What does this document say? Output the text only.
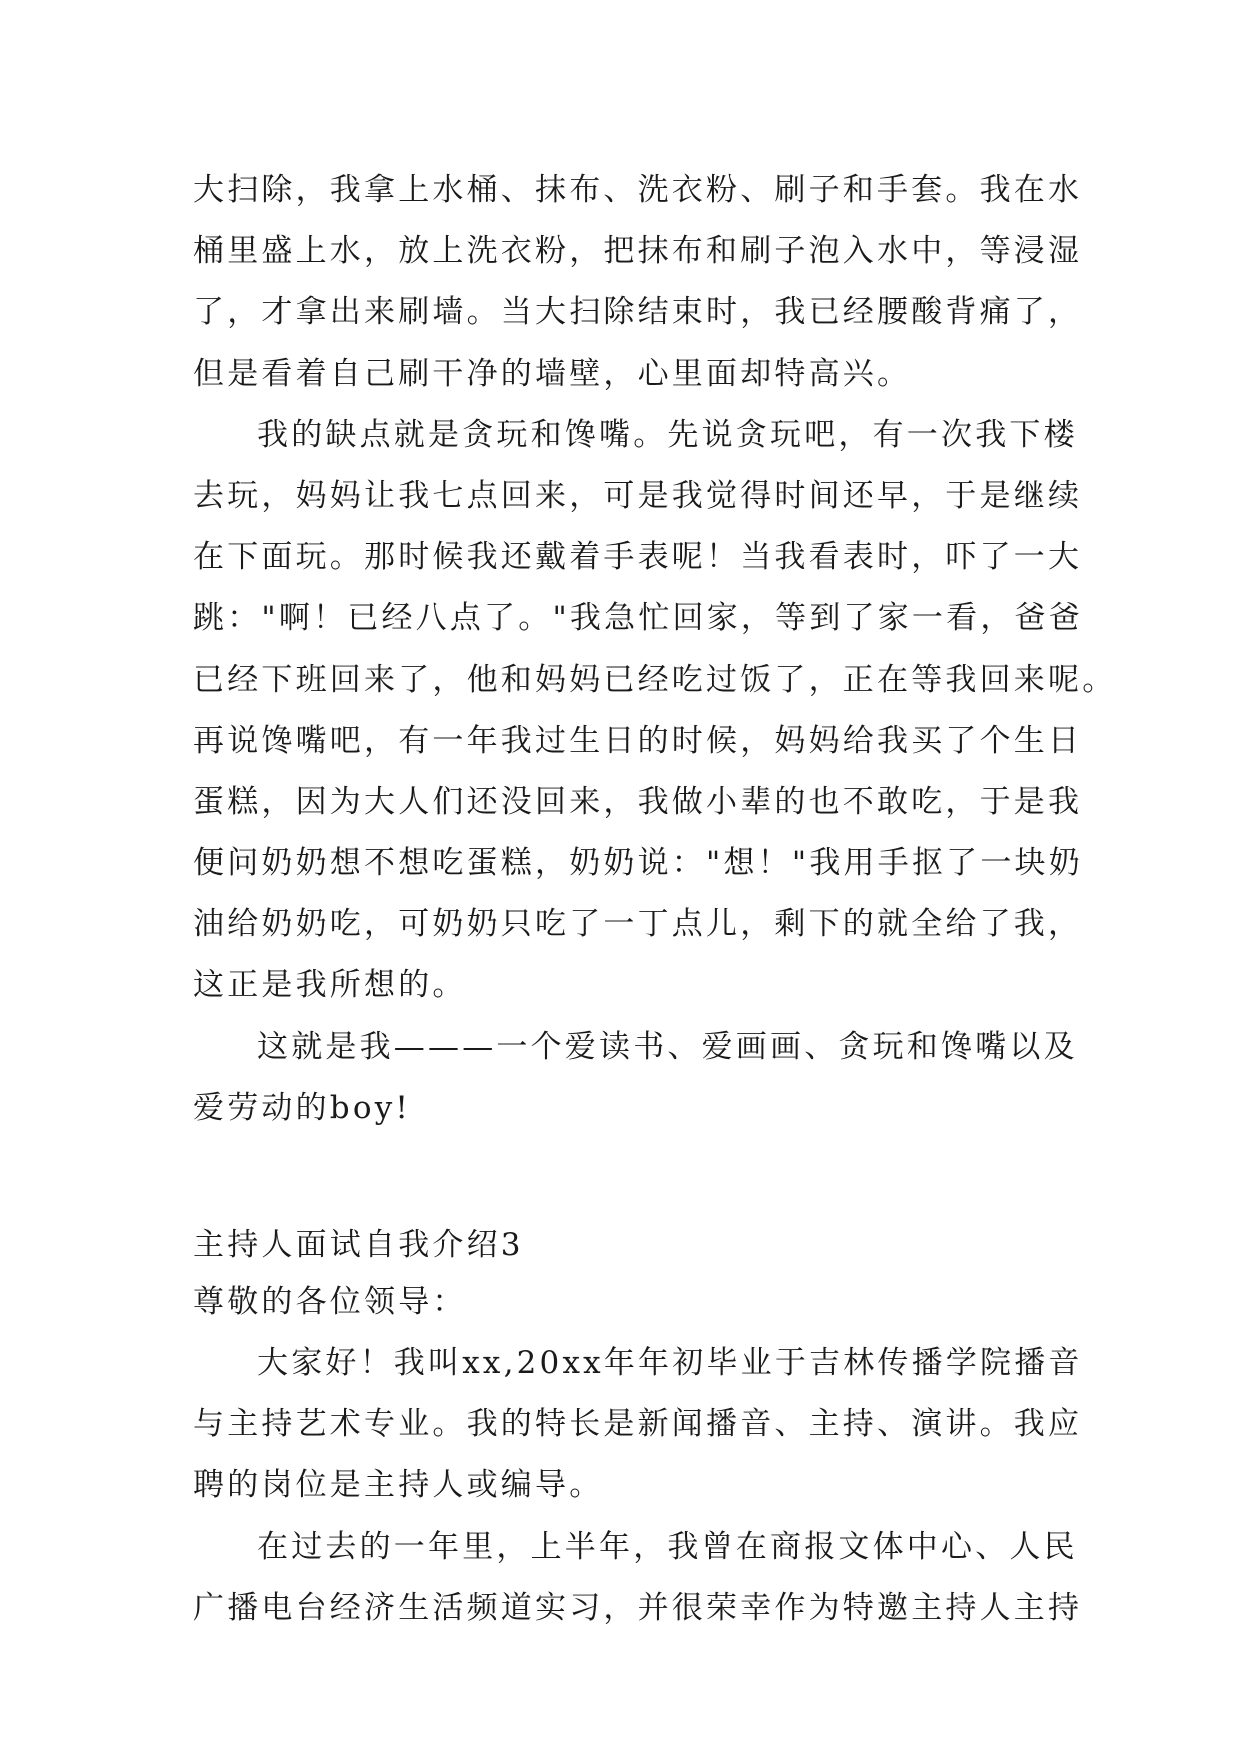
大扫除，我拿上水桶、抹布、洗衣粉、刷子和手套。我在水
桶里盛上水，放上洗衣粉，把抹布和刷子泡入水中，等浸湿
了，才拿出来刷墙。当大扫除结束时，我已经腰酸背痛了，
但是看着自己刷干净的墙壁，心里面却特高兴。
我的缺点就是贪玩和馋嘴。先说贪玩吧，有一次我下楼
去玩，妈妈让我七点回来，可是我觉得时间还早，于是继续
在下面玩。那时候我还戴着手表呢！当我看表时，吓了一大
跳："啊！已经八点了。"我急忙回家，等到了家一看，爸爸
已经下班回来了，他和妈妈已经吃过饭了，正在等我回来呢。
再说馋嘴吧，有一年我过生日的时候，妈妈给我买了个生日
蛋糕，因为大人们还没回来，我做小辈的也不敢吃，于是我
便问奶奶想不想吃蛋糕，奶奶说："想！"我用手抠了一块奶
油给奶奶吃，可奶奶只吃了一丁点儿，剩下的就全给了我，
这正是我所想的。
这就是我———一个爱读书、爱画画、贪玩和馋嘴以及
爱劳动的boy!
主持人面试自我介绍3
尊敬的各位领导：
大家好！我叫xx,20xx年年初毕业于吉林传播学院播音
与主持艺术专业。我的特长是新闻播音、主持、演讲。我应
聘的岗位是主持人或编导。
在过去的一年里，上半年，我曾在商报文体中心、人民
广播电台经济生活频道实习，并很荣幸作为特邀主持人主持
